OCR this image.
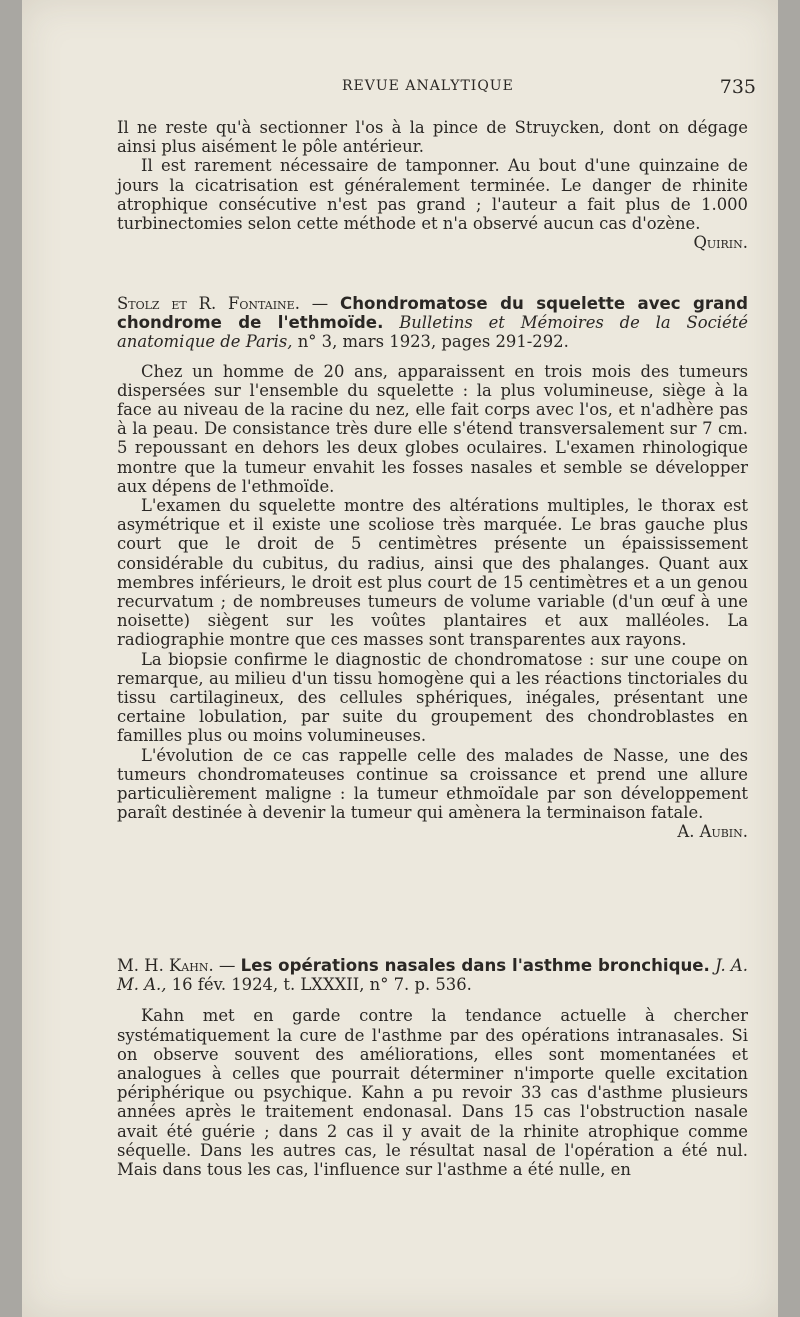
REVUE ANALYTIQUE	735

Il ne reste qu'à sectionner l'os à la pince de Struycken, dont on dégage ainsi plus aisément le pôle antérieur.

Il est rarement nécessaire de tamponner. Au bout d'une quinzaine de jours la cicatrisation est généralement terminée. Le danger de rhinite atrophique consécutive n'est pas grand ; l'auteur a fait plus de 1.000 turbinectomies selon cette méthode et n'a observé aucun cas d'ozène.

Quirin.

Stolz et R. Fontaine. — Chondromatose du squelette avec grand chondrome de l'ethmoïde. Bulletins et Mémoires de la Société anatomique de Paris, n° 3, mars 1923, pages 291-292.

Chez un homme de 20 ans, apparaissent en trois mois des tumeurs dispersées sur l'ensemble du squelette : la plus volumineuse, siège à la face au niveau de la racine du nez, elle fait corps avec l'os, et n'adhère pas à la peau. De consistance très dure elle s'étend transversalement sur 7 cm. 5 repoussant en dehors les deux globes oculaires. L'examen rhinologique montre que la tumeur envahit les fosses nasales et semble se développer aux dépens de l'ethmoïde.

L'examen du squelette montre des altérations multiples, le thorax est asymétrique et il existe une scoliose très marquée. Le bras gauche plus court que le droit de 5 centimètres présente un épaississement considérable du cubitus, du radius, ainsi que des phalanges. Quant aux membres inférieurs, le droit est plus court de 15 centimètres et a un genou recurvatum ; de nombreuses tumeurs de volume variable (d'un œuf à une noisette) siègent sur les voûtes plantaires et aux malléoles. La radiographie montre que ces masses sont transparentes aux rayons.

La biopsie confirme le diagnostic de chondromatose : sur une coupe on remarque, au milieu d'un tissu homogène qui a les réactions tinctoriales du tissu cartilagineux, des cellules sphériques, inégales, présentant une certaine lobulation, par suite du groupement des chondroblastes en familles plus ou moins volumineuses.

L'évolution de ce cas rappelle celle des malades de Nasse, une des tumeurs chondromateuses continue sa croissance et prend une allure particulièrement maligne : la tumeur ethmoïdale par son développement paraît destinée à devenir la tumeur qui amènera la terminaison fatale.
A. Aubin.

M. H. Kahn. — Les opérations nasales dans l'asthme bronchique. J. A. M. A., 16 fév. 1924, t. LXXXII, n° 7. p. 536.

Kahn met en garde contre la tendance actuelle à chercher systématiquement la cure de l'asthme par des opérations intranasales. Si on observe souvent des améliorations, elles sont momentanées et analogues à celles que pourrait déterminer n'importe quelle excitation périphérique ou psychique. Kahn a pu revoir 33 cas d'asthme plusieurs années après le traitement endonasal. Dans 15 cas l'obstruction nasale avait été guérie ; dans 2 cas il y avait de la rhinite atrophique comme séquelle. Dans les autres cas, le résultat nasal de l'opération a été nul. Mais dans tous les cas, l'influence sur l'asthme a été nulle, en
